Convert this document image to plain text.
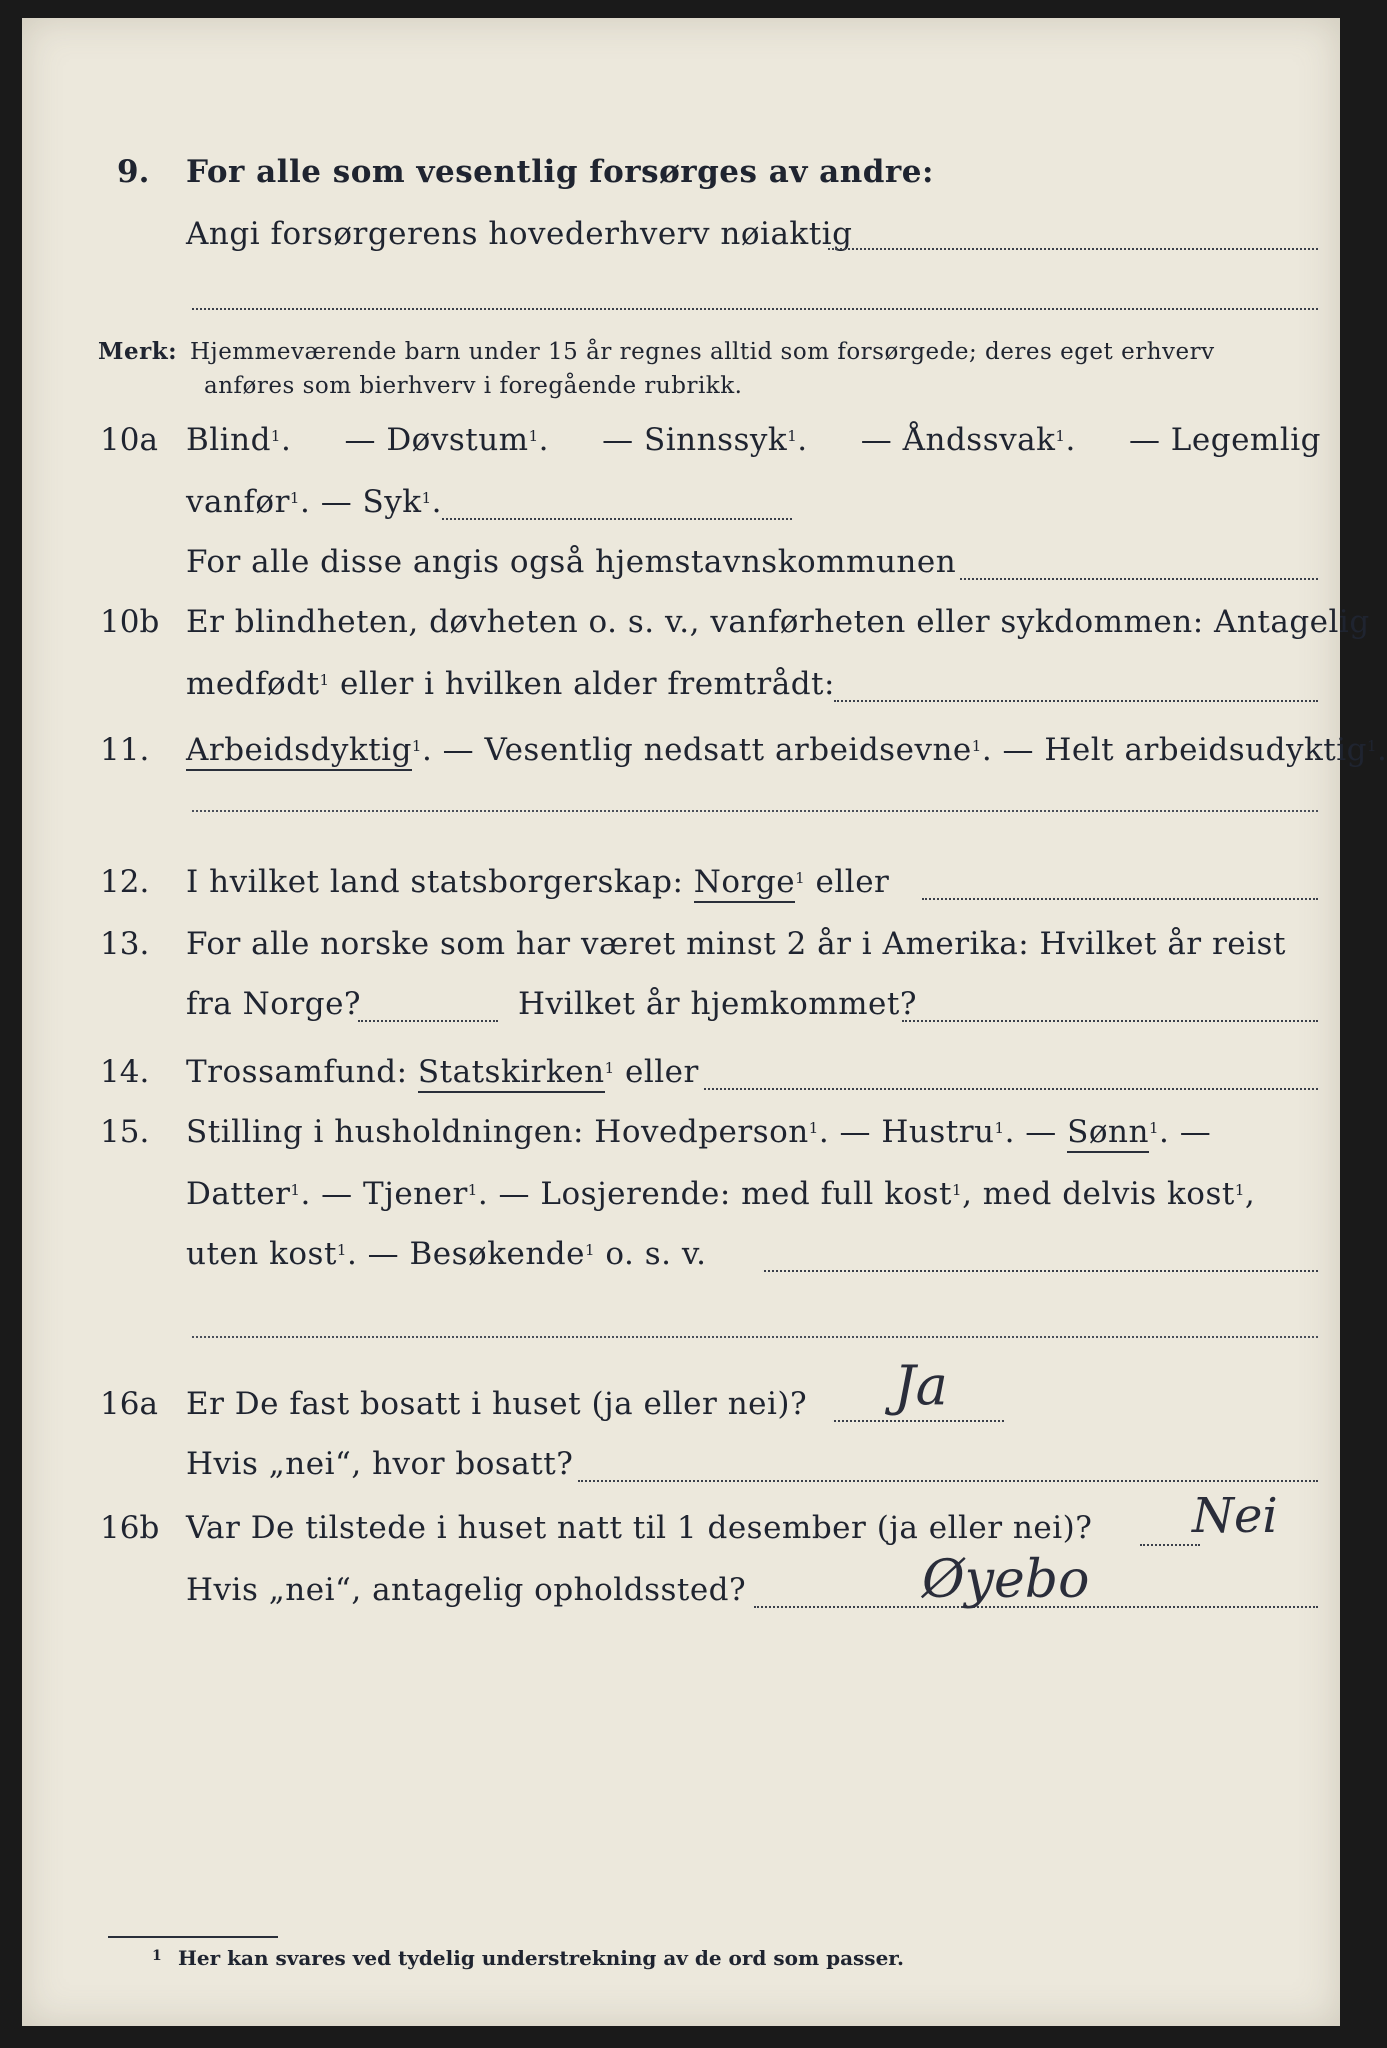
9. For alle som vesentlig forsørges av andre:
Angi forsørgerens hovederhverv nøiaktig
Merk: Hjemmeværende barn under 15 år regnes alltid som forsørgede; deres eget erhverv
anføres som bierhverv i foregående rubrikk.
10a Blind$^1$. — Døvstum$^1$. — Sinnssyk$^1$. — Åndssvak$^1$. — Legemlig
vanfør$^1$. — Syk$^1$.
For alle disse angis også hjemstavnskommunen
10b Er blindheten, døvheten o. s. v., vanførheten eller sykdommen: Antagelig
medfødt$^1$ eller i hvilken alder fremtrådt:
11. Arbeidsdyktig$^1$. — Vesentlig nedsatt arbeidsevne$^1$. — Helt arbeidsudyktig$^1$.
12. I hvilket land statsborgerskap: Norge$^1$ eller
13. For alle norske som har været minst 2 år i Amerika: Hvilket år reist
fra Norge?	Hvilket år hjemkommet?
14. Trossamfund: Statskirken$^1$ eller
15. Stilling i husholdningen: Hovedperson$^1$. — Hustru$^1$. — Sønn$^1$. —
Datter$^1$. — Tjener$^1$. — Losjerende: med full kost$^1$, med delvis kost$^1$,
uten kost$^1$. — Besøkende$^1$ o. s. v.
16a Er De fast bosatt i huset (ja eller nei)? Ja
Hvis „nei“, hvor bosatt?
16b Var De tilstede i huset natt til 1 desember (ja eller nei)? Nei
Hvis „nei“, antagelig opholdssted?	Øyebo
1 Her kan svares ved tydelig understrekning av de ord som passer.
